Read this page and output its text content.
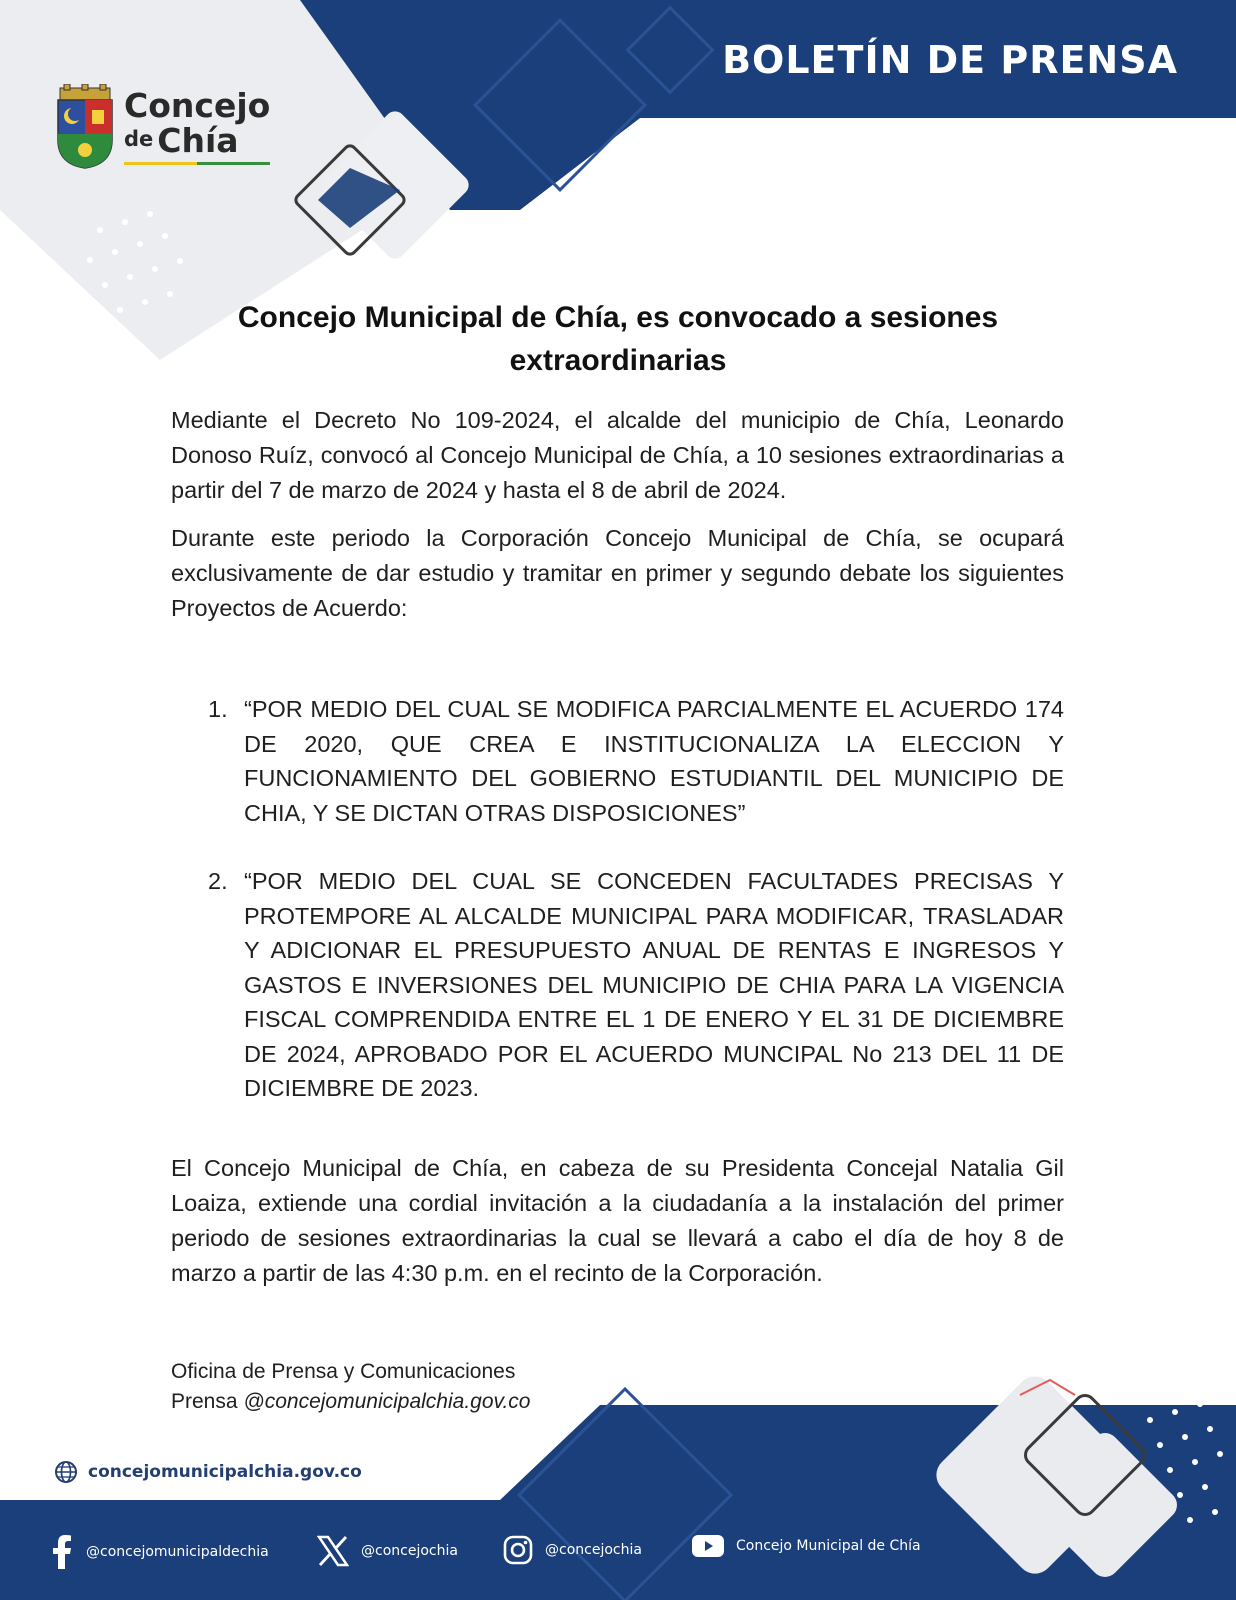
BOLETÍN DE PRENSA
Concejo
de Chía
Concejo Municipal de Chía, es convocado a sesiones
extraordinarias

Mediante el Decreto No 109-2024, el alcalde del municipio de Chía, Leonardo Donoso Ruíz, convocó al Concejo Municipal de Chía, a 10 sesiones extraordinarias a partir del 7 de marzo de 2024 y hasta el 8 de abril de 2024.

Durante este periodo la Corporación Concejo Municipal de Chía, se ocupará exclusivamente de dar estudio y tramitar en primer y segundo debate los siguientes Proyectos de Acuerdo:

1. “POR MEDIO DEL CUAL SE MODIFICA PARCIALMENTE EL ACUERDO 174 DE 2020, QUE CREA E INSTITUCIONALIZA LA ELECCION Y FUNCIONAMIENTO DEL GOBIERNO ESTUDIANTIL DEL MUNICIPIO DE CHIA, Y SE DICTAN OTRAS DISPOSICIONES”
2. “POR MEDIO DEL CUAL SE CONCEDEN FACULTADES PRECISAS Y PROTEMPORE AL ALCALDE MUNICIPAL PARA MODIFICAR, TRASLADAR Y ADICIONAR EL PRESUPUESTO ANUAL DE RENTAS E INGRESOS Y GASTOS E INVERSIONES DEL MUNICIPIO DE CHIA PARA LA VIGENCIA FISCAL COMPRENDIDA ENTRE EL 1 DE ENERO Y EL 31 DE DICIEMBRE DE 2024, APROBADO POR EL ACUERDO MUNCIPAL No 213 DEL 11 DE DICIEMBRE DE 2023.

El Concejo Municipal de Chía, en cabeza de su Presidenta Concejal Natalia Gil Loaiza, extiende una cordial invitación a la ciudadanía a la instalación del primer periodo de sesiones extraordinarias la cual se llevará a cabo el día de hoy 8 de marzo a partir de las 4:30 p.m. en el recinto de la Corporación.

Oficina de Prensa y Comunicaciones
Prensa @concejomunicipalchia.gov.co
concejomunicipalchia.gov.co
@concejomunicipaldechia	@concejochia	@concejochia	Concejo Municipal de Chía
